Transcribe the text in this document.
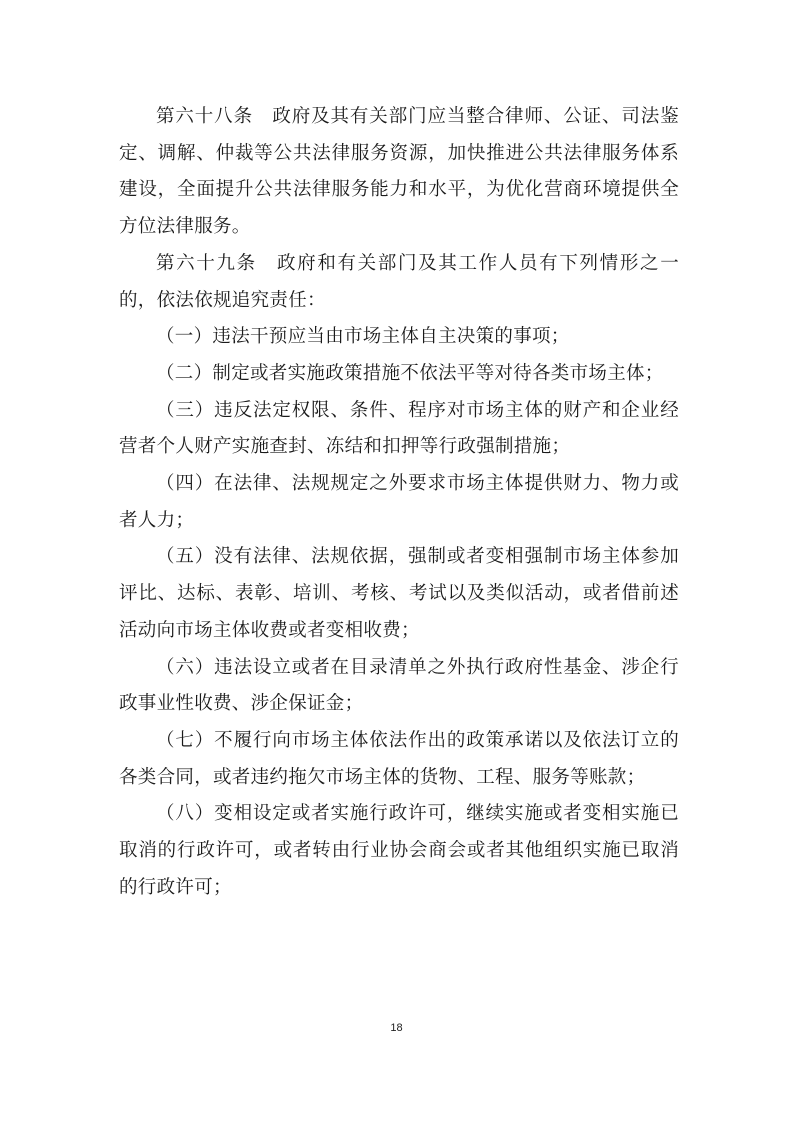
第六十八条　政府及其有关部门应当整合律师、公证、司法鉴定、调解、仲裁等公共法律服务资源，加快推进公共法律服务体系建设，全面提升公共法律服务能力和水平，为优化营商环境提供全方位法律服务。

第六十九条　政府和有关部门及其工作人员有下列情形之一的，依法依规追究责任：

（一）违法干预应当由市场主体自主决策的事项；

（二）制定或者实施政策措施不依法平等对待各类市场主体；

（三）违反法定权限、条件、程序对市场主体的财产和企业经营者个人财产实施查封、冻结和扣押等行政强制措施；

（四）在法律、法规规定之外要求市场主体提供财力、物力或者人力；

（五）没有法律、法规依据，强制或者变相强制市场主体参加评比、达标、表彰、培训、考核、考试以及类似活动，或者借前述活动向市场主体收费或者变相收费；

（六）违法设立或者在目录清单之外执行政府性基金、涉企行政事业性收费、涉企保证金；

（七）不履行向市场主体依法作出的政策承诺以及依法订立的各类合同，或者违约拖欠市场主体的货物、工程、服务等账款；

（八）变相设定或者实施行政许可，继续实施或者变相实施已取消的行政许可，或者转由行业协会商会或者其他组织实施已取消的行政许可；

18
